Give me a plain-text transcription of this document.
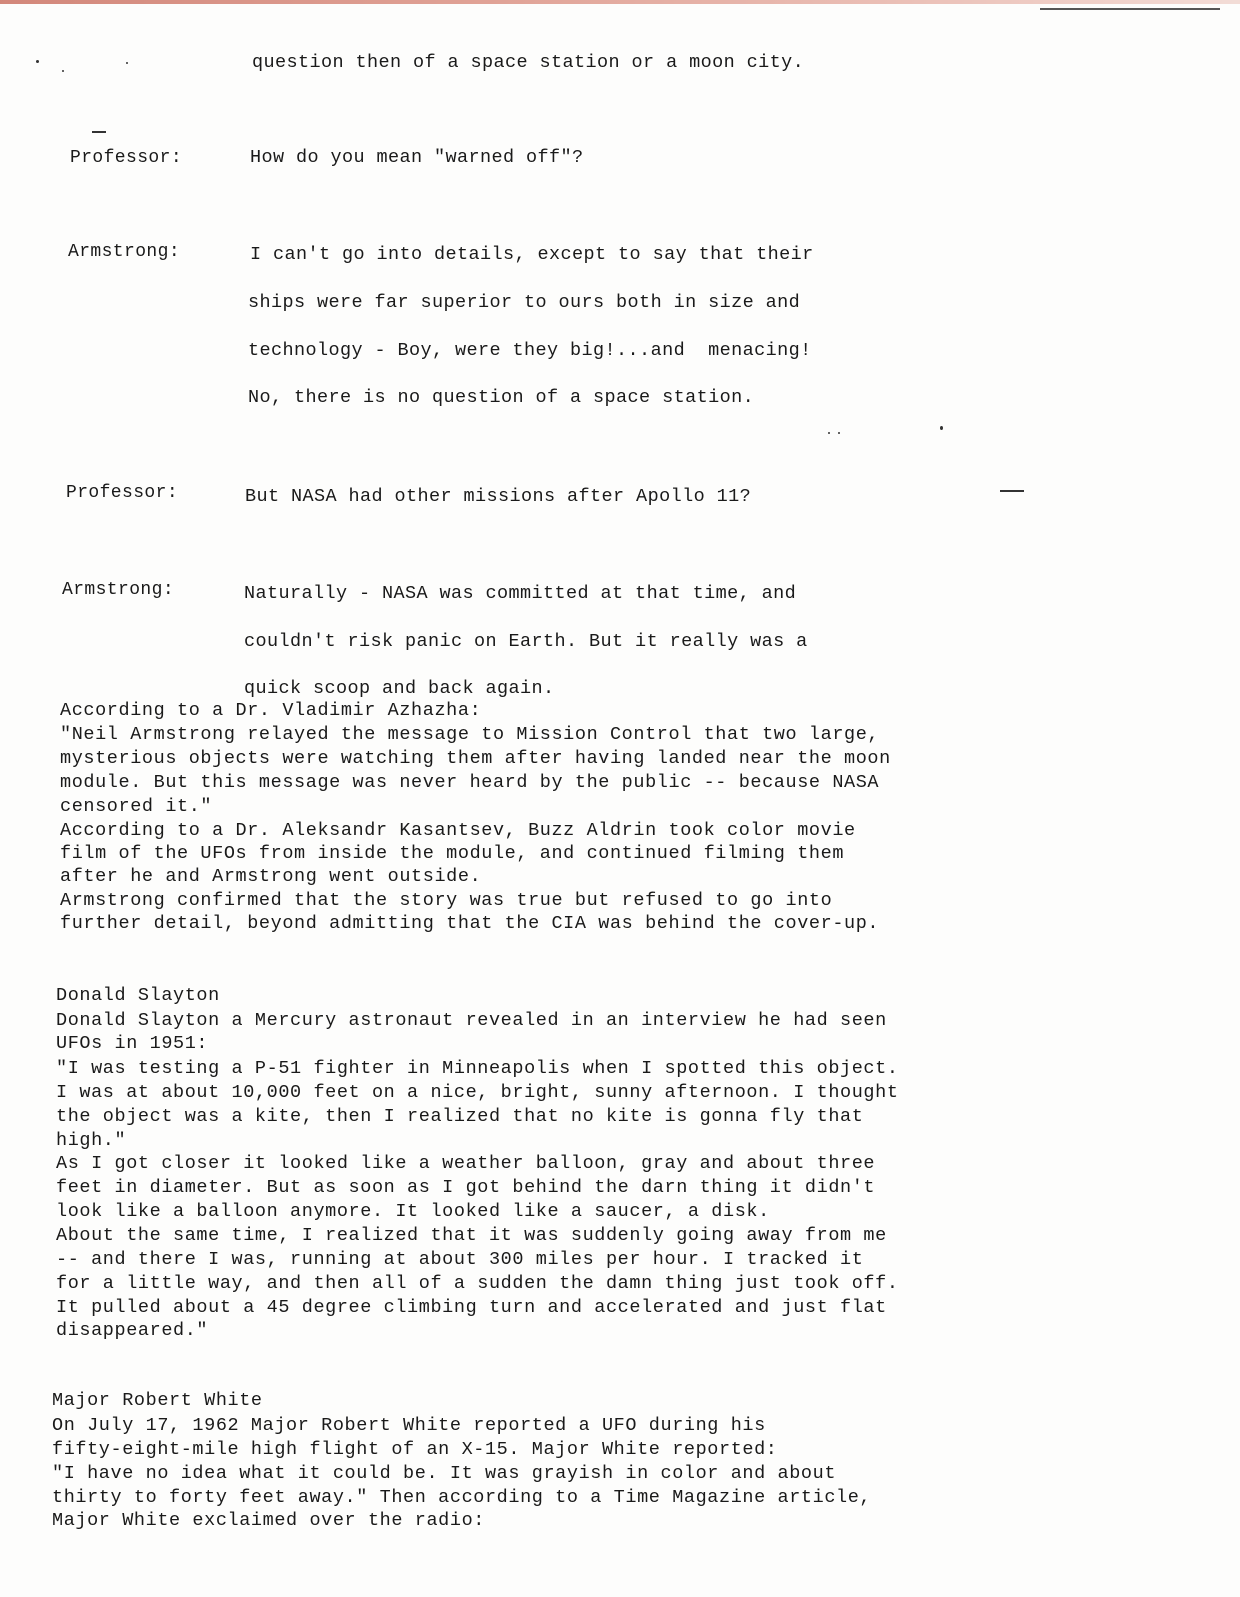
question then of a space station or a moon city.
Professor:	How do you mean "warned off"?
Armstrong:	I can't go into details, except to say that their
ships were far superior to ours both in size and
technology - Boy, were they big!...and  menacing!
No, there is no question of a space station.
Professor:	But NASA had other missions after Apollo 11?
Armstrong:	Naturally - NASA was committed at that time, and
couldn't risk panic on Earth. But it really was a
quick scoop and back again.
According to a Dr. Vladimir Azhazha:
"Neil Armstrong relayed the message to Mission Control that two large,
mysterious objects were watching them after having landed near the moon
module. But this message was never heard by the public -- because NASA
censored it."
According to a Dr. Aleksandr Kasantsev, Buzz Aldrin took color movie
film of the UFOs from inside the module, and continued filming them
after he and Armstrong went outside.
Armstrong confirmed that the story was true but refused to go into
further detail, beyond admitting that the CIA was behind the cover-up.
Donald Slayton
Donald Slayton a Mercury astronaut revealed in an interview he had seen
UFOs in 1951:
"I was testing a P-51 fighter in Minneapolis when I spotted this object.
I was at about 10,000 feet on a nice, bright, sunny afternoon. I thought
the object was a kite, then I realized that no kite is gonna fly that
high."
As I got closer it looked like a weather balloon, gray and about three
feet in diameter. But as soon as I got behind the darn thing it didn't
look like a balloon anymore. It looked like a saucer, a disk.
About the same time, I realized that it was suddenly going away from me
-- and there I was, running at about 300 miles per hour. I tracked it
for a little way, and then all of a sudden the damn thing just took off.
It pulled about a 45 degree climbing turn and accelerated and just flat
disappeared."
Major Robert White
On July 17, 1962 Major Robert White reported a UFO during his
fifty-eight-mile high flight of an X-15. Major White reported:
"I have no idea what it could be. It was grayish in color and about
thirty to forty feet away." Then according to a Time Magazine article,
Major White exclaimed over the radio:
